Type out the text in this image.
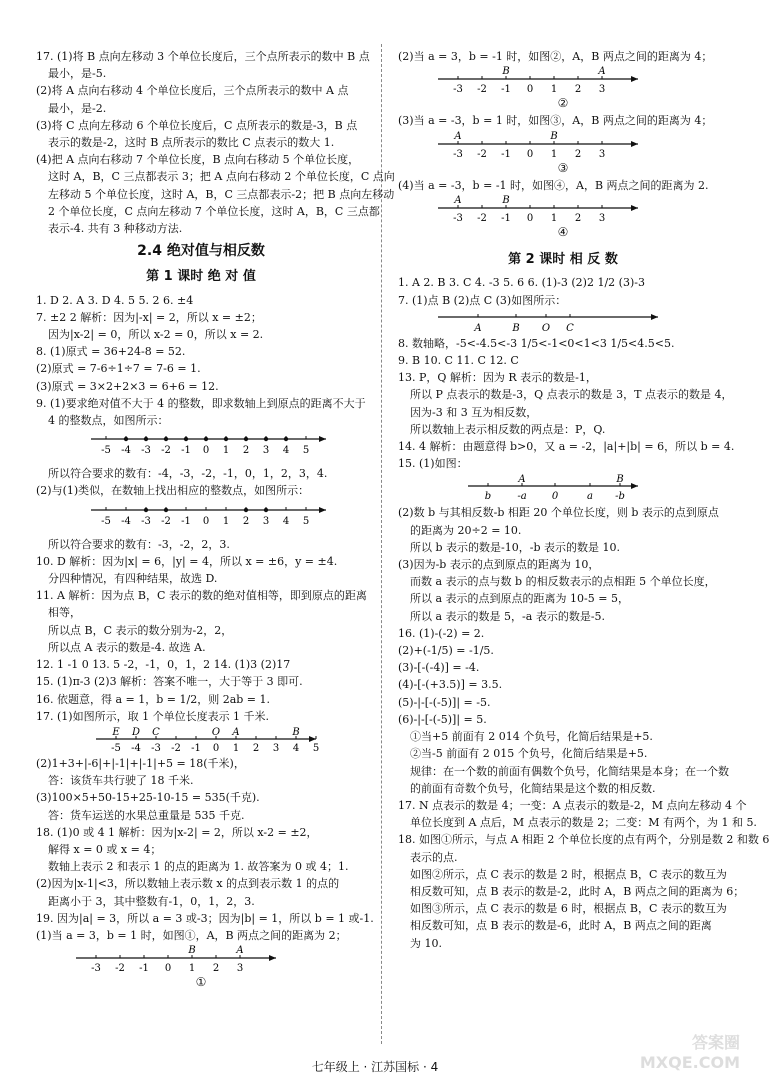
17. (1)将 B 点向左移动 3 个单位长度后，三个点所表示的数中 B 点
最小，是-5.
(2)将 A 点向右移动 4 个单位长度后，三个点所表示的数中 A 点
最小，是-2.
(3)将 C 点向左移动 6 个单位长度后，C 点所表示的数是-3，B 点
表示的数是-2，这时 B 点所表示的数比 C 点表示的数大 1.
(4)把 A 点向右移动 7 个单位长度，B 点向右移动 5 个单位长度，
这时 A，B，C 三点都表示 3；把 A 点向右移动 2 个单位长度，C 点向
左移动 5 个单位长度，这时 A，B，C 三点都表示-2；把 B 点向左移动
2 个单位长度，C 点向左移动 7 个单位长度，这时 A，B，C 三点都
表示-4. 共有 3 种移动方法.
2.4 绝对值与相反数
第 1 课时 绝 对 值
1. D 2. A 3. D 4. 5 5. 2 6. ±4
7. ±2 2 解析：因为|-x| = 2，所以 x = ±2；
因为|x-2| = 0，所以 x-2 = 0，所以 x = 2.
8. (1)原式 = 36+24-8 = 52.
(2)原式 = 7-6÷1÷7 = 7-6 = 1.
(3)原式 = 3×2+2×3 = 6+6 = 12.
9. (1)要求绝对值不大于 4 的整数，即求数轴上到原点的距离不大于
4 的整数点，如图所示：
-5 -4 -3 -2 -1 0 1 2 3 4 5
所以符合要求的数有：-4，-3，-2，-1，0，1，2，3，4.
(2)与(1)类似，在数轴上找出相应的整数点，如图所示：
-5 -4 -3 -2 -1 0 1 2 3 4 5
所以符合要求的数有：-3，-2，2，3.
10. D 解析：因为|x| = 6，|y| = 4，所以 x = ±6，y = ±4.
分四种情况，有四种结果，故选 D.
11. A 解析：因为点 B，C 表示的数的绝对值相等，即到原点的距离
相等，
所以点 B，C 表示的数分别为-2，2，
所以点 A 表示的数是-4. 故选 A.
12. 1 -1 0 13. 5 -2，-1，0，1，2 14. (1)3 (2)17
15. (1)π-3 (2)3 解析：答案不唯一，大于等于 3 即可.
16. 依题意，得 a = 1，b = 1/2，则 2ab = 1.
17. (1)如图所示，取 1 个单位长度表示 1 千米.
-5 -4 -3 -2 -1 0 1 2 3 4 5
E D C	O A	B
(2)1+3+|-6|+|-1|+|-1|+5 = 18(千米)，
答：该货车共行驶了 18 千米.
(3)100×5+50-15+25-10-15 = 535(千克).
答：货车运送的水果总重量是 535 千克.
18. (1)0 或 4 1 解析：因为|x-2| = 2，所以 x-2 = ±2，
解得 x = 0 或 x = 4；
数轴上表示 2 和表示 1 的点的距离为 1. 故答案为 0 或 4；1.
(2)因为|x-1|<3，所以数轴上表示数 x 的点到表示数 1 的点的
距离小于 3，其中整数有-1，0，1，2，3.
19. 因为|a| = 3，所以 a = 3 或-3；因为|b| = 1，所以 b = 1 或-1.
(1)当 a = 3，b = 1 时，如图①，A，B 两点之间的距离为 2；
-3 -2 -1 0 1 2 3
A
B
①
(2)当 a = 3，b = -1 时，如图②，A，B 两点之间的距离为 4；
-3 -2 -1 0 1 2 3
A
B
②
(3)当 a = -3，b = 1 时，如图③，A，B 两点之间的距离为 4；
-3 -2 -1 0 1 2 3
A	B
③
(4)当 a = -3，b = -1 时，如图④，A，B 两点之间的距离为 2.
-3 -2 -1 0 1 2 3
A	B
④
第 2 课时 相 反 数
1. A 2. B 3. C 4. -3 5. 6 6. (1)-3 (2)2 1/2 (3)-3
7. (1)点 B (2)点 C (3)如图所示：
A	B O C
8. 数轴略，-5<-4.5<-3 1/5<-1<0<1<3 1/5<4.5<5.
9. B 10. C 11. C 12. C
13. P，Q 解析：因为 R 表示的数是-1，
所以 P 点表示的数是-3，Q 点表示的数是 3，T 点表示的数是 4，
因为-3 和 3 互为相反数，
所以数轴上表示相反数的两点是：P，Q.
14. 4 解析：由题意得 b>0，又 a = -2，|a|+|b| = 6，所以 b = 4.
15. (1)如图：
b	-a	0	a -b
A	B
(2)数 b 与其相反数-b 相距 20 个单位长度，则 b 表示的点到原点
的距离为 20÷2 = 10.
所以 b 表示的数是-10，-b 表示的数是 10.
(3)因为-b 表示的点到原点的距离为 10，
而数 a 表示的点与数 b 的相反数表示的点相距 5 个单位长度，
所以 a 表示的点到原点的距离为 10-5 = 5，
所以 a 表示的数是 5，-a 表示的数是-5.
16. (1)-(-2) = 2.
(2)+(-1/5) = -1/5.
(3)-[-(-4)] = -4.
(4)-[-(+3.5)] = 3.5.
(5)-|-[-(-5)]| = -5.
(6)-|-[-(-5)]| = 5.
①当+5 前面有 2 014 个负号，化简后结果是+5.
②当-5 前面有 2 015 个负号，化简后结果是+5.
规律：在一个数的前面有偶数个负号，化简结果是本身；在一个数
的前面有奇数个负号，化简结果是这个数的相反数.
17. N 点表示的数是 4；一变：A 点表示的数是-2，M 点向左移动 4 个
单位长度到 A 点后，M 点表示的数是 2；二变：M 有两个，为 1 和 5.
18. 如图①所示，与点 A 相距 2 个单位长度的点有两个，分别是数 2 和数 6
表示的点.
如图②所示，点 C 表示的数是 2 时，根据点 B，C 表示的数互为
相反数可知，点 B 表示的数是-2，此时 A，B 两点之间的距离为 6；
如图③所示，点 C 表示的数是 6 时，根据点 B，C 表示的数互为
相反数可知，点 B 表示的数是-6，此时 A，B 两点之间的距离
为 10.
七年级上 · 江苏国标 · 4
答案圈 MXQE.COM
